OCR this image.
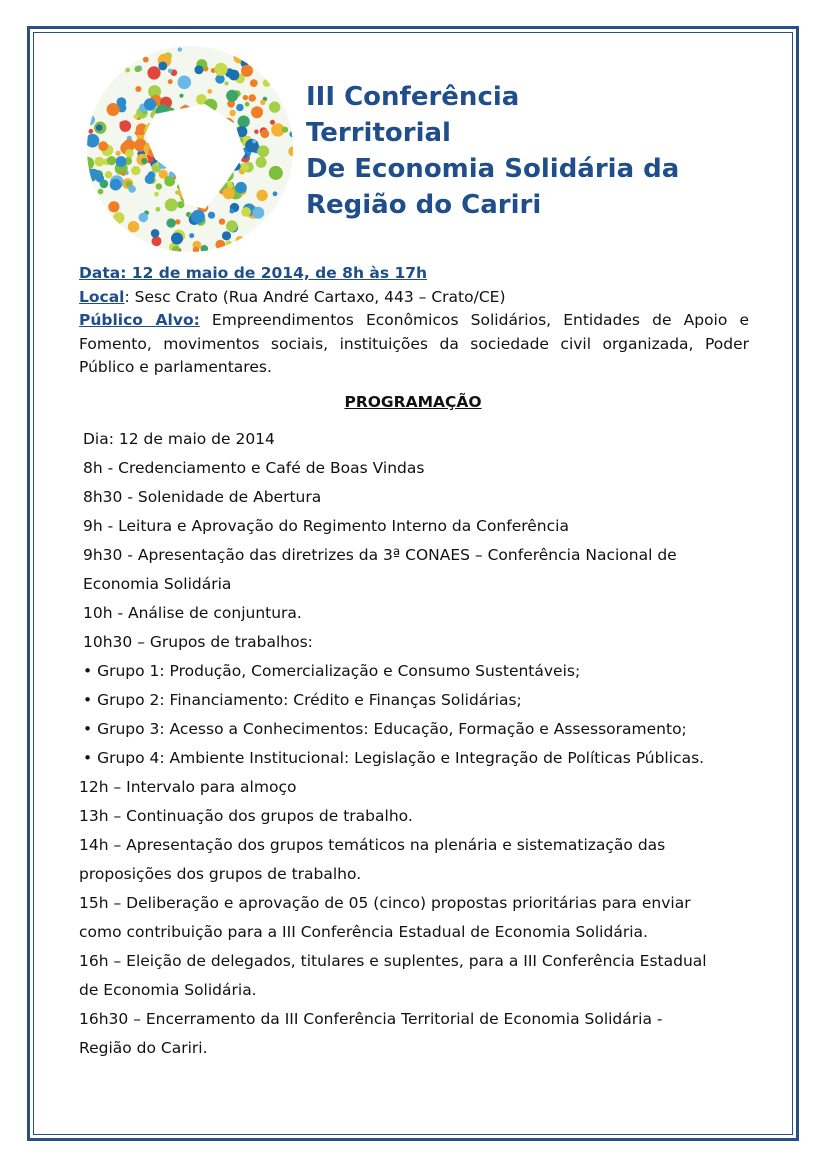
III Conferência
Territorial
De Economia Solidária da
Região do Cariri
Data: 12 de maio de 2014, de 8h às 17h
Local: Sesc Crato (Rua André Cartaxo, 443 – Crato/CE)
Público Alvo: Empreendimentos Econômicos Solidários, Entidades de Apoio e Fomento, movimentos sociais, instituições da sociedade civil organizada, Poder Público e parlamentares.
PROGRAMAÇÃO
Dia: 12 de maio de 2014
8h - Credenciamento e Café de Boas Vindas
8h30 - Solenidade de Abertura
9h - Leitura e Aprovação do Regimento Interno da Conferência
9h30 - Apresentação das diretrizes da 3ª CONAES – Conferência Nacional de
Economia Solidária
10h - Análise de conjuntura.
10h30 – Grupos de trabalhos:
• Grupo 1: Produção, Comercialização e Consumo Sustentáveis;
• Grupo 2: Financiamento: Crédito e Finanças Solidárias;
• Grupo 3: Acesso a Conhecimentos: Educação, Formação e Assessoramento;
• Grupo 4: Ambiente Institucional: Legislação e Integração de Políticas Públicas.
12h – Intervalo para almoço
13h – Continuação dos grupos de trabalho.
14h – Apresentação dos grupos temáticos na plenária e sistematização das
proposições dos grupos de trabalho.
15h – Deliberação e aprovação de 05 (cinco) propostas prioritárias para enviar
como contribuição para a III Conferência Estadual de Economia Solidária.
16h – Eleição de delegados, titulares e suplentes, para a III Conferência Estadual
de Economia Solidária.
16h30 – Encerramento da III Conferência Territorial de Economia Solidária -
Região do Cariri.
